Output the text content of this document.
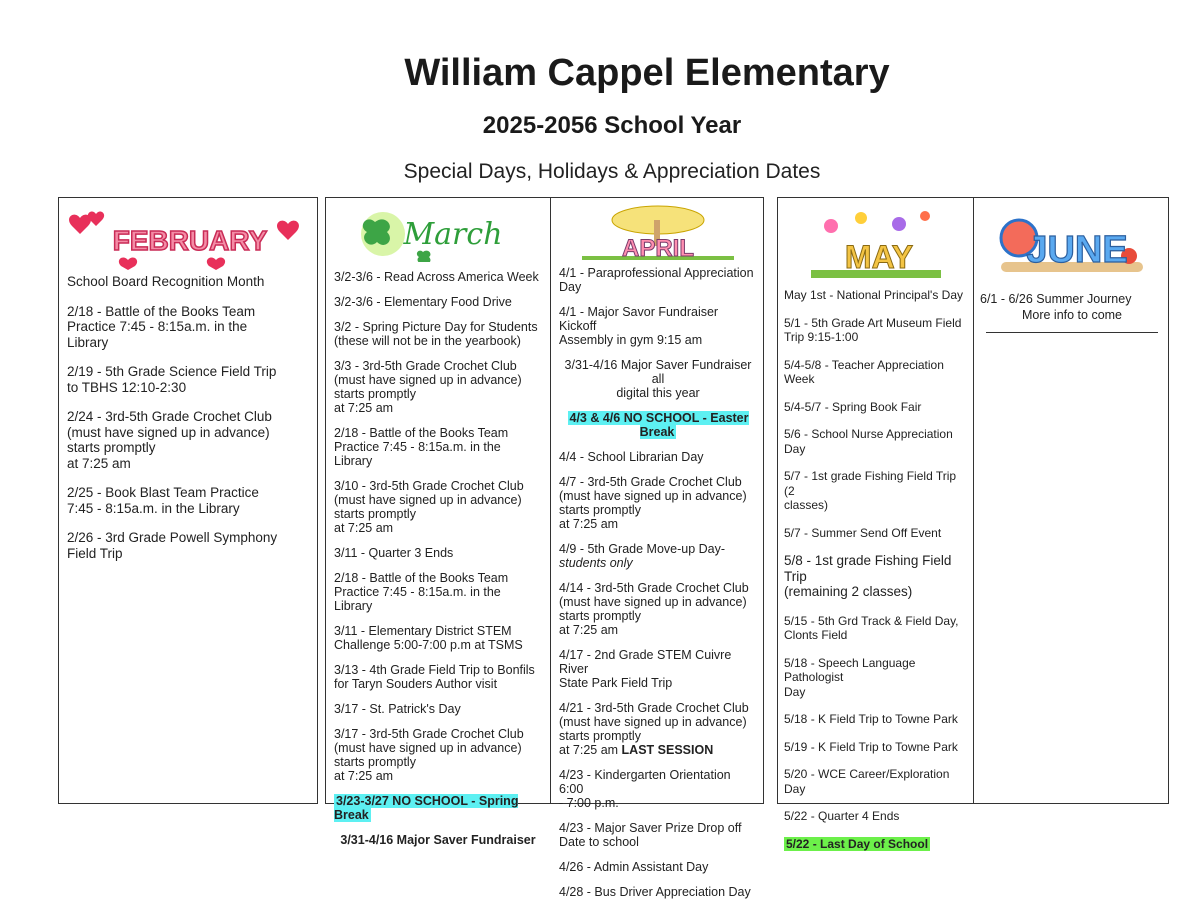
William Cappel Elementary
2025-2056 School Year
Special Days, Holidays & Appreciation Dates
FEBRUARY
School Board Recognition Month
2/18 - Battle of the Books Team
Practice 7:45 - 8:15a.m. in the
Library
2/19 - 5th Grade Science Field Trip
to TBHS 12:10-2:30
2/24 - 3rd-5th Grade Crochet Club
(must have signed up in advance)
starts promptly
at 7:25 am
2/25 - Book Blast Team Practice
7:45 - 8:15a.m. in the Library
2/26 - 3rd Grade Powell Symphony
Field Trip
March
3/2-3/6 - Read Across America Week
3/2-3/6 - Elementary Food Drive
3/2 - Spring Picture Day for Students
(these will not be in the yearbook)
3/3 - 3rd-5th Grade Crochet Club
(must have signed up in advance)
starts promptly
at 7:25 am
2/18 - Battle of the Books Team
Practice 7:45 - 8:15a.m. in the Library
3/10 - 3rd-5th Grade Crochet Club
(must have signed up in advance)
starts promptly
at 7:25 am
3/11 - Quarter 3 Ends
2/18 - Battle of the Books Team
Practice 7:45 - 8:15a.m. in the Library
3/11 - Elementary District STEM
Challenge 5:00-7:00 p.m at TSMS
3/13 - 4th Grade Field Trip to Bonfils
for Taryn Souders Author visit
3/17 - St. Patrick's Day
3/17 - 3rd-5th Grade Crochet Club
(must have signed up in advance)
starts promptly
at 7:25 am
3/23-3/27 NO SCHOOL - Spring Break
3/31-4/16 Major Saver Fundraiser
APRIL
4/1 - Paraprofessional Appreciation
Day
4/1 - Major Savor Fundraiser Kickoff
Assembly in gym 9:15 am
3/31-4/16 Major Saver Fundraiser all
digital this year
4/3 & 4/6 NO SCHOOL - Easter
Break
4/4 - School Librarian Day
4/7 - 3rd-5th Grade Crochet Club
(must have signed up in advance)
starts promptly
at 7:25 am
4/9 - 5th Grade Move-up Day-
students only
4/14 - 3rd-5th Grade Crochet Club
(must have signed up in advance)
starts promptly
at 7:25 am
4/17 - 2nd Grade STEM Cuivre River
State Park Field Trip
4/21 - 3rd-5th Grade Crochet Club
(must have signed up in advance)
starts promptly
at 7:25 am LAST SESSION
4/23 - Kindergarten Orientation 6:00
- 7:00 p.m.
4/23 - Major Saver Prize Drop off
Date to school
4/26 - Admin Assistant Day
4/28 - Bus Driver Appreciation Day
MAY
May 1st - National Principal's Day
5/1 - 5th Grade Art Museum Field
Trip 9:15-1:00
5/4-5/8 - Teacher Appreciation Week
5/4-5/7 - Spring Book Fair
5/6 - School Nurse Appreciation Day
5/7 - 1st grade Fishing Field Trip (2
classes)
5/7 - Summer Send Off Event
5/8 - 1st grade Fishing Field Trip
(remaining 2 classes)
5/15 - 5th Grd Track & Field Day,
Clonts Field
5/18 - Speech Language Pathologist
Day
5/18 - K Field Trip to Towne Park
5/19 - K Field Trip to Towne Park
5/20 - WCE Career/Exploration Day
5/22 - Quarter 4 Ends
5/22 - Last Day of School
JUNE
6/1 - 6/26 Summer Journey
More info to come
